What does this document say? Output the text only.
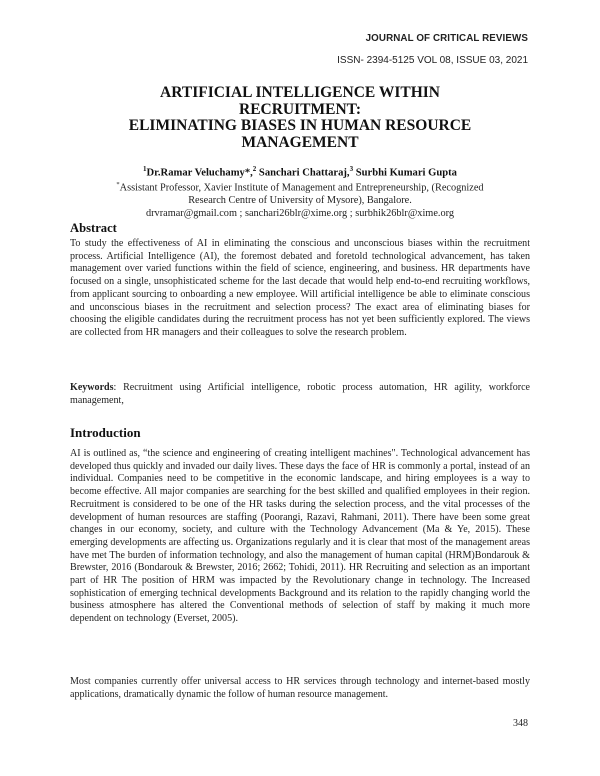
JOURNAL OF CRITICAL REVIEWS
ISSN- 2394-5125 VOL 08, ISSUE 03, 2021
ARTIFICIAL INTELLIGENCE WITHIN
RECRUITMENT:
ELIMINATING BIASES IN HUMAN RESOURCE
MANAGEMENT
$^1$Dr.Ramar Veluchamy*,$^2$ Sanchari Chattaraj,$^3$ Surbhi Kumari Gupta
*Assistant Professor, Xavier Institute of Management and Entrepreneurship, (Recognized
Research Centre of University of Mysore), Bangalore.
drvramar@gmail.com ; sanchari26blr@xime.org ; surbhik26blr@xime.org
Abstract
To study the effectiveness of AI in eliminating the conscious and unconscious biases within the recruitment process. Artificial Intelligence (AI), the foremost debated and foretold technological advancement, has taken management over varied functions within the field of science, engineering, and business. HR departments have focused on a single, unsophisticated scheme for the last decade that would help end-to-end recruiting workflows, from applicant sourcing to onboarding a new employee. Will artificial intelligence be able to eliminate conscious and unconscious biases in the recruitment and selection process? The exact area of eliminating biases for choosing the eligible candidates during the recruitment process has not yet been sufficiently explored. The views are collected from HR managers and their colleagues to solve the research problem.
Keywords: Recruitment using Artificial intelligence, robotic process automation, HR agility, workforce management,
Introduction
AI is outlined as, “the science and engineering of creating intelligent machines". Technological advancement has developed thus quickly and invaded our daily lives. These days the face of HR is commonly a portal, instead of an individual. Companies need to be competitive in the economic landscape, and hiring employees is a way to become effective. All major companies are searching for the best skilled and qualified employees in their region. Recruitment is considered to be one of the HR tasks during the selection process, and the vital processes of the development of human resources are staffing (Poorangi, Razavi, Rahmani, 2011). There have been some great changes in our economy, society, and culture with the Technology Advancement (Ma & Ye, 2015). These emerging developments are affecting us. Organizations regularly and it is clear that most of the management areas have met The burden of information technology, and also the management of human capital (HRM)Bondarouk & Brewster, 2016 (Bondarouk & Brewster, 2016; 2662; Tohidi, 2011). HR Recruiting and selection as an important part of HR The position of HRM was impacted by the Revolutionary change in technology. The Increased sophistication of emerging technical developments Background and its relation to the rapidly changing world the business atmosphere has altered the Conventional methods of selection of staff by making it much more dependent on technology (Everset, 2005).
Most companies currently offer universal access to HR services through technology and internet-based mostly applications, dramatically dynamic the follow of human resource management.
348
